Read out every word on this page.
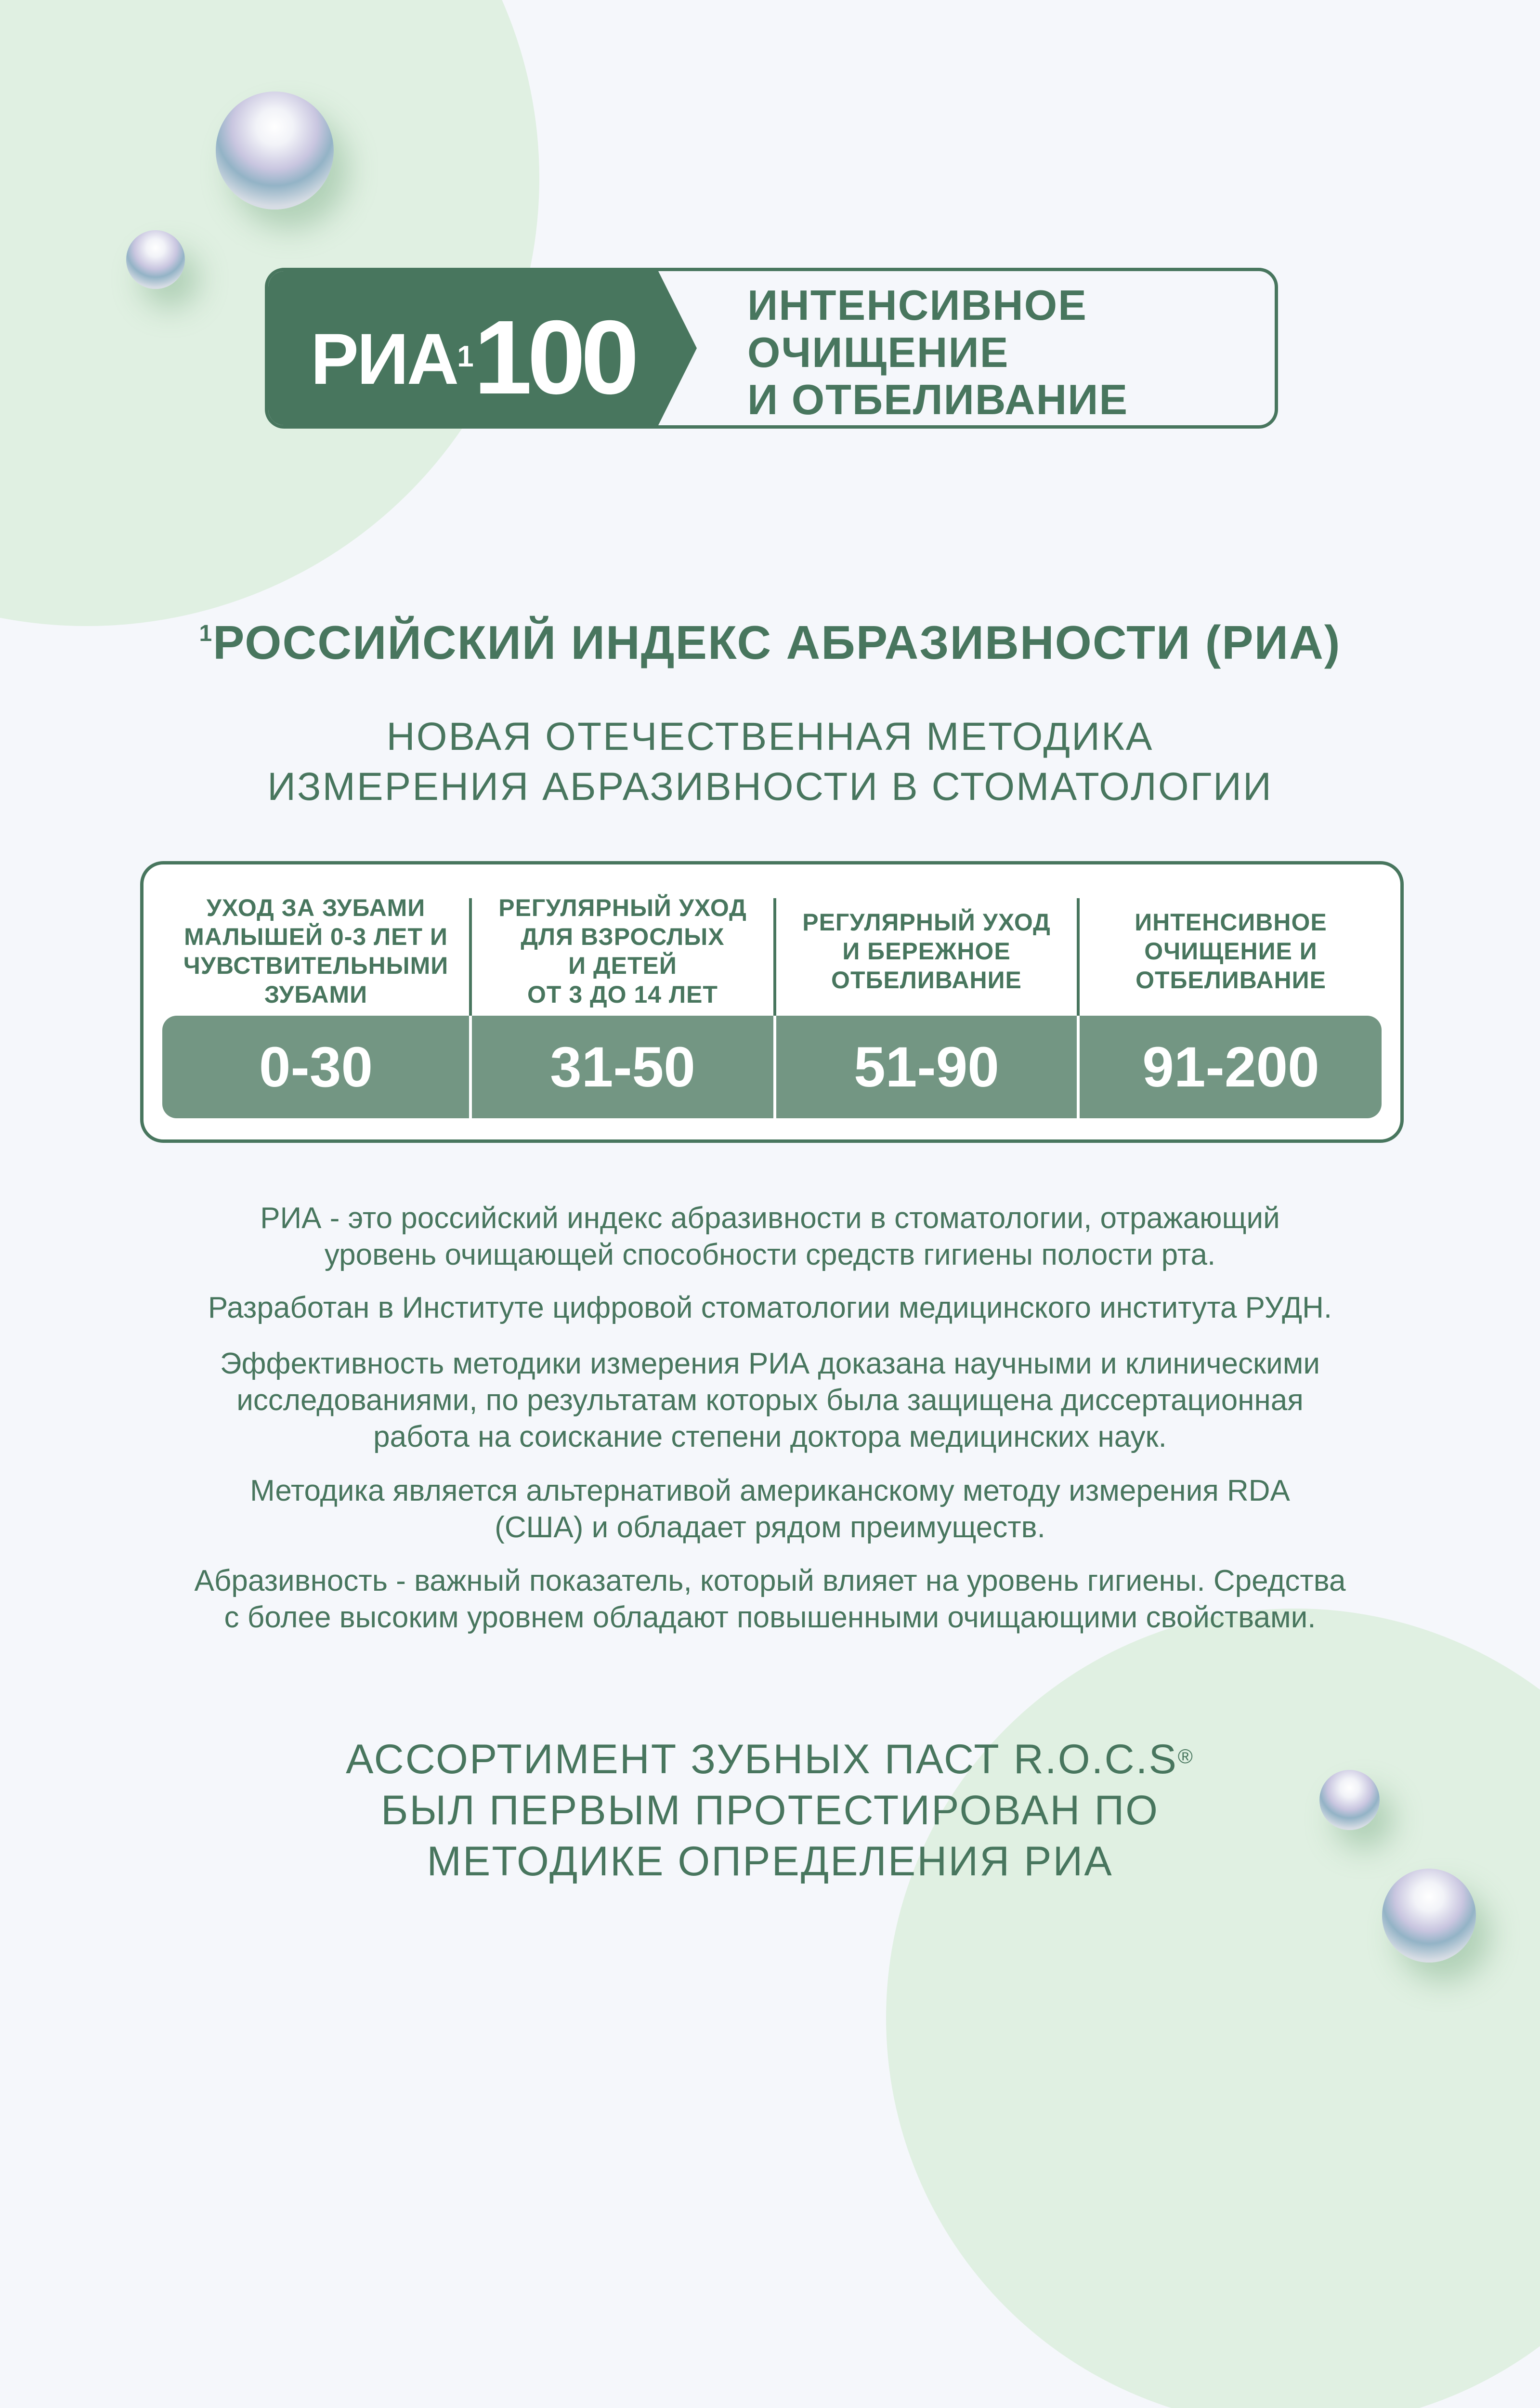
РИА$^1$100	ИНТЕНСИВНОЕ
ОЧИЩЕНИЕ
И ОТБЕЛИВАНИЕ
$^1$РОССИЙСКИЙ ИНДЕКС АБРАЗИВНОСТИ (РИА)
НОВАЯ ОТЕЧЕСТВЕННАЯ МЕТОДИКА
ИЗМЕРЕНИЯ АБРАЗИВНОСТИ В СТОМАТОЛОГИИ
УХОД ЗА ЗУБАМИ
МАЛЫШЕЙ 0-3 ЛЕТ И
ЧУВСТВИТЕЛЬНЫМИ
ЗУБАМИ
0-30
РЕГУЛЯРНЫЙ УХОД
ДЛЯ ВЗРОСЛЫХ
И ДЕТЕЙ
ОТ 3 ДО 14 ЛЕТ
31-50
РЕГУЛЯРНЫЙ УХОД
И БЕРЕЖНОЕ
ОТБЕЛИВАНИЕ
51-90
ИНТЕНСИВНОЕ
ОЧИЩЕНИЕ И
ОТБЕЛИВАНИЕ
91-200
РИА - это российский индекс абразивности в стоматологии, отражающий
уровень очищающей способности средств гигиены полости рта.
Разработан в Институте цифровой стоматологии медицинского института РУДН.
Эффективность методики измерения РИА доказана научными и клиническими
исследованиями, по результатам которых была защищена диссертационная
работа на соискание степени доктора медицинских наук.
Методика является альтернативой американскому методу измерения RDA
(США) и обладает рядом преимуществ.
Абразивность - важный показатель, который влияет на уровень гигиены. Средства
с более высоким уровнем обладают повышенными очищающими свойствами.
АССОРТИМЕНТ ЗУБНЫХ ПАСТ R.O.C.S®
БЫЛ ПЕРВЫМ ПРОТЕСТИРОВАН ПО
МЕТОДИКЕ ОПРЕДЕЛЕНИЯ РИА
